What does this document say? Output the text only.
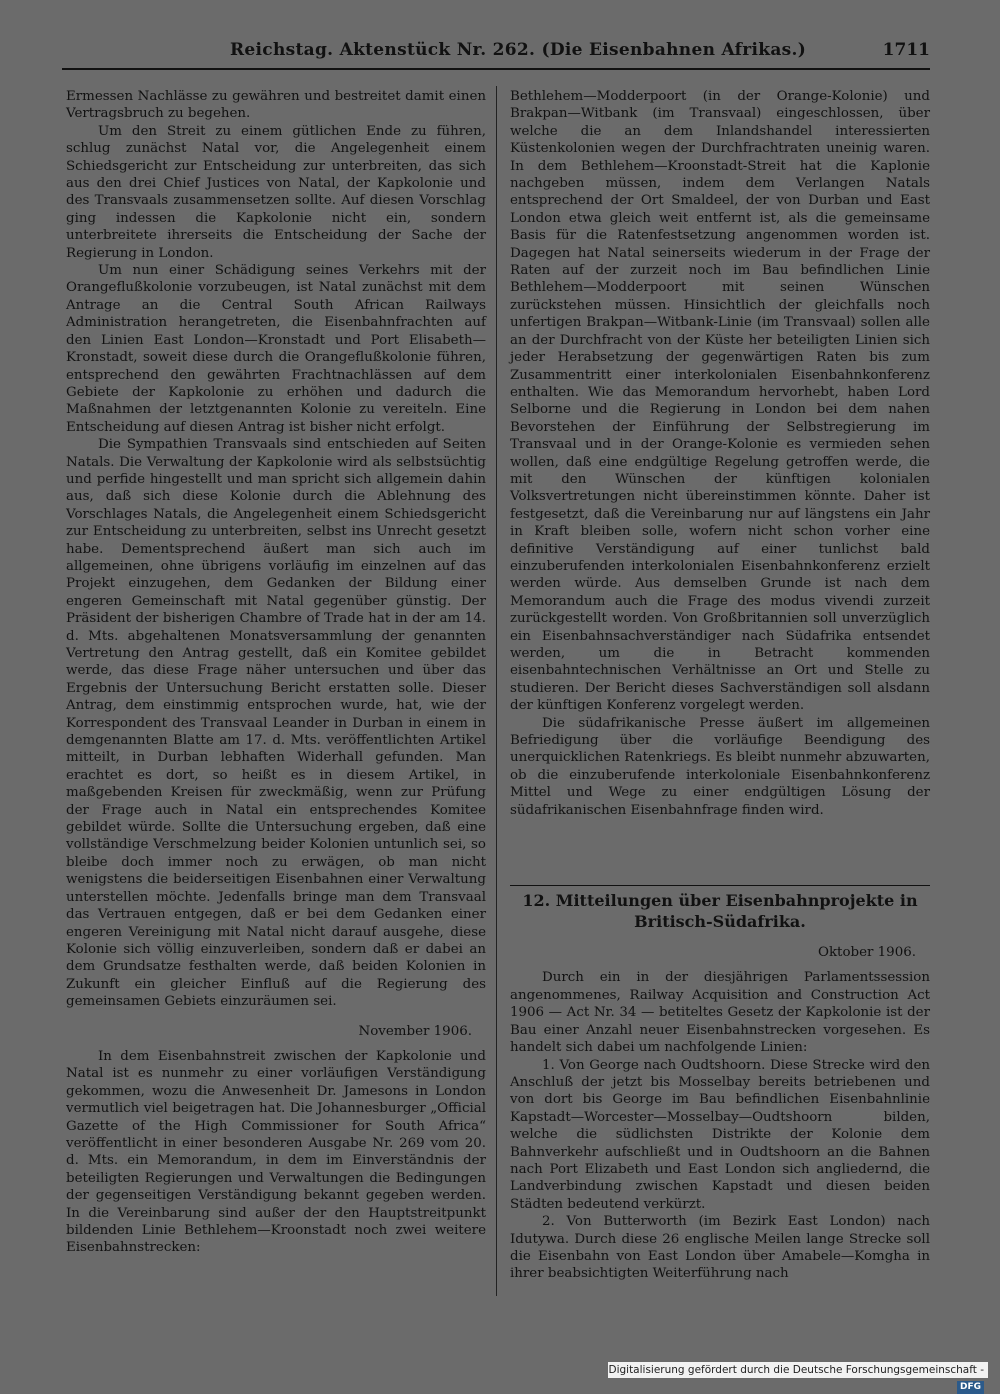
Reichstag. Aktenstück Nr. 262. (Die Eisenbahnen Afrikas.)	1711

Ermessen Nachlässe zu gewähren und bestreitet damit einen Vertragsbruch zu begehen.

Um den Streit zu einem gütlichen Ende zu führen, schlug zunächst Natal vor, die Angelegenheit einem Schiedsgericht zur Entscheidung zur unterbreiten, das sich aus den drei Chief Justices von Natal, der Kapkolonie und des Transvaals zusammensetzen sollte. Auf diesen Vorschlag ging indessen die Kapkolonie nicht ein, sondern unterbreitete ihrerseits die Entscheidung der Sache der Regierung in London.

Um nun einer Schädigung seines Verkehrs mit der Orangeflußkolonie vorzubeugen, ist Natal zunächst mit dem Antrage an die Central South African Railways Administration herangetreten, die Eisenbahnfrachten auf den Linien East London—Kronstadt und Port Elisabeth—Kronstadt, soweit diese durch die Orangeflußkolonie führen, entsprechend den gewährten Frachtnachlässen auf dem Gebiete der Kapkolonie zu erhöhen und dadurch die Maßnahmen der letztgenannten Kolonie zu vereiteln. Eine Entscheidung auf diesen Antrag ist bisher nicht erfolgt.

Die Sympathien Transvaals sind entschieden auf Seiten Natals. Die Verwaltung der Kapkolonie wird als selbstsüchtig und perfide hingestellt und man spricht sich allgemein dahin aus, daß sich diese Kolonie durch die Ablehnung des Vorschlages Natals, die Angelegenheit einem Schiedsgericht zur Entscheidung zu unterbreiten, selbst ins Unrecht gesetzt habe. Dementsprechend äußert man sich auch im allgemeinen, ohne übrigens vorläufig im einzelnen auf das Projekt einzugehen, dem Gedanken der Bildung einer engeren Gemeinschaft mit Natal gegenüber günstig. Der Präsident der bisherigen Chambre of Trade hat in der am 14. d. Mts. abgehaltenen Monatsversammlung der genannten Vertretung den Antrag gestellt, daß ein Komitee gebildet werde, das diese Frage näher untersuchen und über das Ergebnis der Untersuchung Bericht erstatten solle. Dieser Antrag, dem einstimmig entsprochen wurde, hat, wie der Korrespondent des Transvaal Leander in Durban in einem in demgenannten Blatte am 17. d. Mts. veröffentlichten Artikel mitteilt, in Durban lebhaften Widerhall gefunden. Man erachtet es dort, so heißt es in diesem Artikel, in maßgebenden Kreisen für zweckmäßig, wenn zur Prüfung der Frage auch in Natal ein entsprechendes Komitee gebildet würde. Sollte die Untersuchung ergeben, daß eine vollständige Verschmelzung beider Kolonien untunlich sei, so bleibe doch immer noch zu erwägen, ob man nicht wenigstens die beiderseitigen Eisenbahnen einer Verwaltung unterstellen möchte. Jedenfalls bringe man dem Transvaal das Vertrauen entgegen, daß er bei dem Gedanken einer engeren Vereinigung mit Natal nicht darauf ausgehe, diese Kolonie sich völlig einzuverleiben, sondern daß er dabei an dem Grundsatze festhalten werde, daß beiden Kolonien in Zukunft ein gleicher Einfluß auf die Regierung des gemeinsamen Gebiets einzuräumen sei.

November 1906.

In dem Eisenbahnstreit zwischen der Kapkolonie und Natal ist es nunmehr zu einer vorläufigen Verständigung gekommen, wozu die Anwesenheit Dr. Jamesons in London vermutlich viel beigetragen hat. Die Johannesburger „Official Gazette of the High Commissioner for South Africa“ veröffentlicht in einer besonderen Ausgabe Nr. 269 vom 20. d. Mts. ein Memorandum, in dem im Einverständnis der beteiligten Regierungen und Verwaltungen die Bedingungen der gegenseitigen Verständigung bekannt gegeben werden. In die Vereinbarung sind außer der den Hauptstreitpunkt bildenden Linie Bethlehem—Kroonstadt noch zwei weitere Eisenbahnstrecken:

Bethlehem—Modderpoort (in der Orange-Kolonie) und Brakpan—Witbank (im Transvaal) eingeschlossen, über welche die an dem Inlandshandel interessierten Küstenkolonien wegen der Durchfrachtraten uneinig waren. In dem Bethlehem—Kroonstadt-Streit hat die Kaplonie nachgeben müssen, indem dem Verlangen Natals entsprechend der Ort Smaldeel, der von Durban und East London etwa gleich weit entfernt ist, als die gemeinsame Basis für die Ratenfestsetzung angenommen worden ist. Dagegen hat Natal seinerseits wiederum in der Frage der Raten auf der zurzeit noch im Bau befindlichen Linie Bethlehem—Modderpoort mit seinen Wünschen zurückstehen müssen. Hinsichtlich der gleichfalls noch unfertigen Brakpan—Witbank-Linie (im Transvaal) sollen alle an der Durchfracht von der Küste her beteiligten Linien sich jeder Herabsetzung der gegenwärtigen Raten bis zum Zusammentritt einer interkolonialen Eisenbahnkonferenz enthalten. Wie das Memorandum hervorhebt, haben Lord Selborne und die Regierung in London bei dem nahen Bevorstehen der Einführung der Selbstregierung im Transvaal und in der Orange-Kolonie es vermieden sehen wollen, daß eine endgültige Regelung getroffen werde, die mit den Wünschen der künftigen kolonialen Volksvertretungen nicht übereinstimmen könnte. Daher ist festgesetzt, daß die Vereinbarung nur auf längstens ein Jahr in Kraft bleiben solle, wofern nicht schon vorher eine definitive Verständigung auf einer tunlichst bald einzuberufenden interkolonialen Eisenbahnkonferenz erzielt werden würde. Aus demselben Grunde ist nach dem Memorandum auch die Frage des modus vivendi zurzeit zurückgestellt worden. Von Großbritannien soll unverzüglich ein Eisenbahnsachverständiger nach Südafrika entsendet werden, um die in Betracht kommenden eisenbahntechnischen Verhältnisse an Ort und Stelle zu studieren. Der Bericht dieses Sachverständigen soll alsdann der künftigen Konferenz vorgelegt werden.

Die südafrikanische Presse äußert im allgemeinen Befriedigung über die vorläufige Beendigung des unerquicklichen Ratenkriegs. Es bleibt nunmehr abzuwarten, ob die einzuberufende interkoloniale Eisenbahnkonferenz Mittel und Wege zu einer endgültigen Lösung der südafrikanischen Eisenbahnfrage finden wird.

12. Mitteilungen über Eisenbahnprojekte in Britisch-Südafrika.
Oktober 1906.

Durch ein in der diesjährigen Parlamentssession angenommenes, Railway Acquisition and Construction Act 1906 — Act Nr. 34 — betiteltes Gesetz der Kapkolonie ist der Bau einer Anzahl neuer Eisenbahnstrecken vorgesehen. Es handelt sich dabei um nachfolgende Linien:

1. Von George nach Oudtshoorn. Diese Strecke wird den Anschluß der jetzt bis Mosselbay bereits betriebenen und von dort bis George im Bau befindlichen Eisenbahnlinie Kapstadt—Worcester—Mosselbay—Oudtshoorn bilden, welche die südlichsten Distrikte der Kolonie dem Bahnverkehr aufschließt und in Oudtshoorn an die Bahnen nach Port Elizabeth und East London sich angliedernd, die Landverbindung zwischen Kapstadt und diesen beiden Städten bedeutend verkürzt.

2. Von Butterworth (im Bezirk East London) nach Idutywa. Durch diese 26 englische Meilen lange Strecke soll die Eisenbahn von East London über Amabele—Komgha in ihrer beabsichtigten Weiterführung nach

Digitalisierung gefördert durch die Deutsche Forschungsgemeinschaft -DFG
